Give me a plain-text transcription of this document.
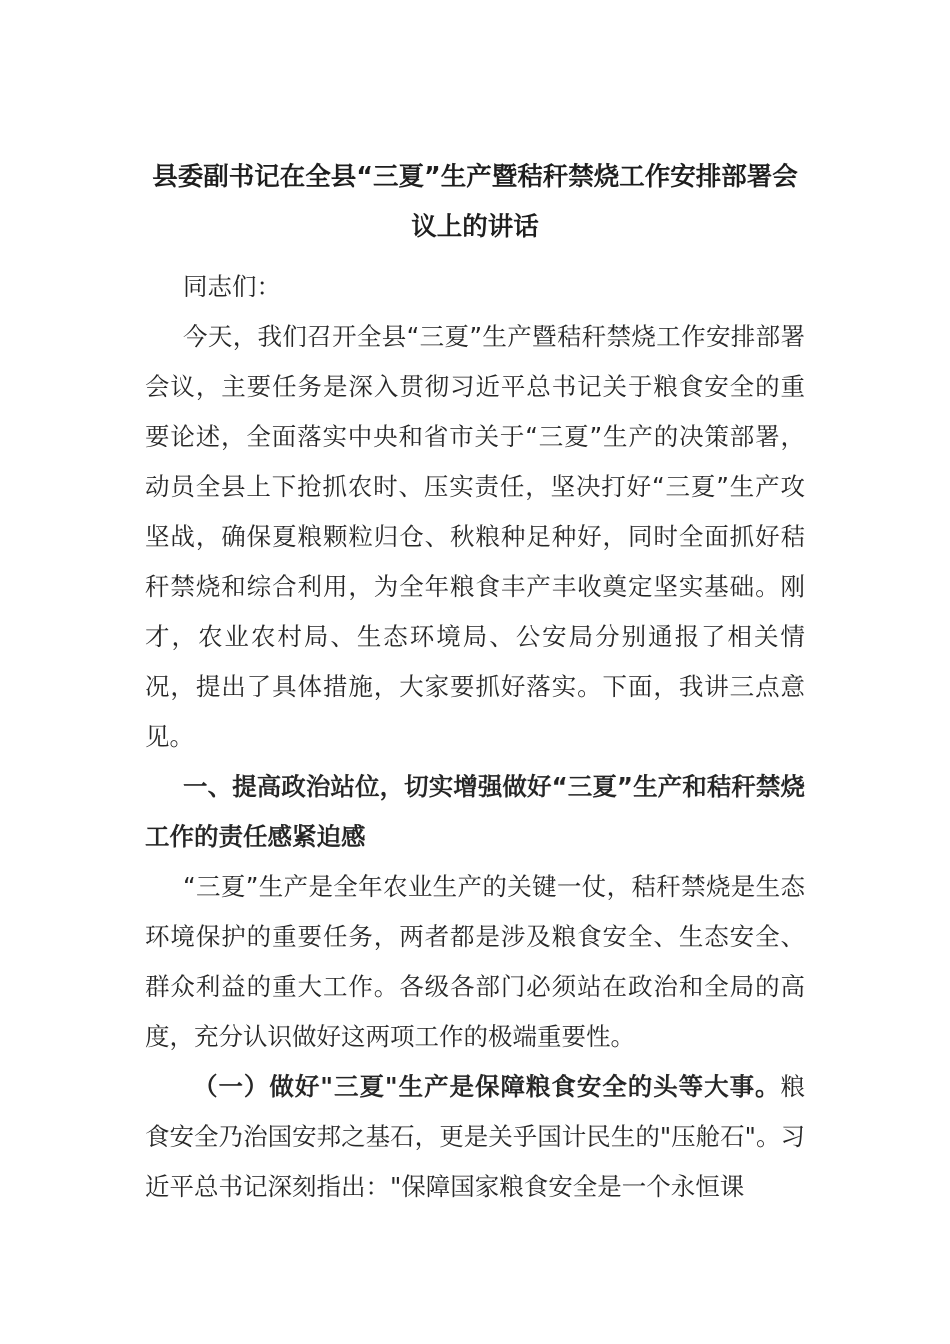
县委副书记在全县“三夏”生产暨秸秆禁烧工作安排部署会议上的讲话

同志们：

今天，我们召开全县“三夏”生产暨秸秆禁烧工作安排部署会议，主要任务是深入贯彻习近平总书记关于粮食安全的重要论述，全面落实中央和省市关于“三夏”生产的决策部署，动员全县上下抢抓农时、压实责任，坚决打好“三夏”生产攻坚战，确保夏粮颗粒归仓、秋粮种足种好，同时全面抓好秸秆禁烧和综合利用，为全年粮食丰产丰收奠定坚实基础。刚才，农业农村局、生态环境局、公安局分别通报了相关情况，提出了具体措施，大家要抓好落实。下面，我讲三点意见。

一、提高政治站位，切实增强做好“三夏”生产和秸秆禁烧工作的责任感紧迫感

“三夏”生产是全年农业生产的关键一仗，秸秆禁烧是生态环境保护的重要任务，两者都是涉及粮食安全、生态安全、群众利益的重大工作。各级各部门必须站在政治和全局的高度，充分认识做好这两项工作的极端重要性。

（一）做好"三夏"生产是保障粮食安全的头等大事。粮食安全乃治国安邦之基石，更是关乎国计民生的"压舱石"。习近平总书记深刻指出："保障国家粮食安全是一个永恒课
